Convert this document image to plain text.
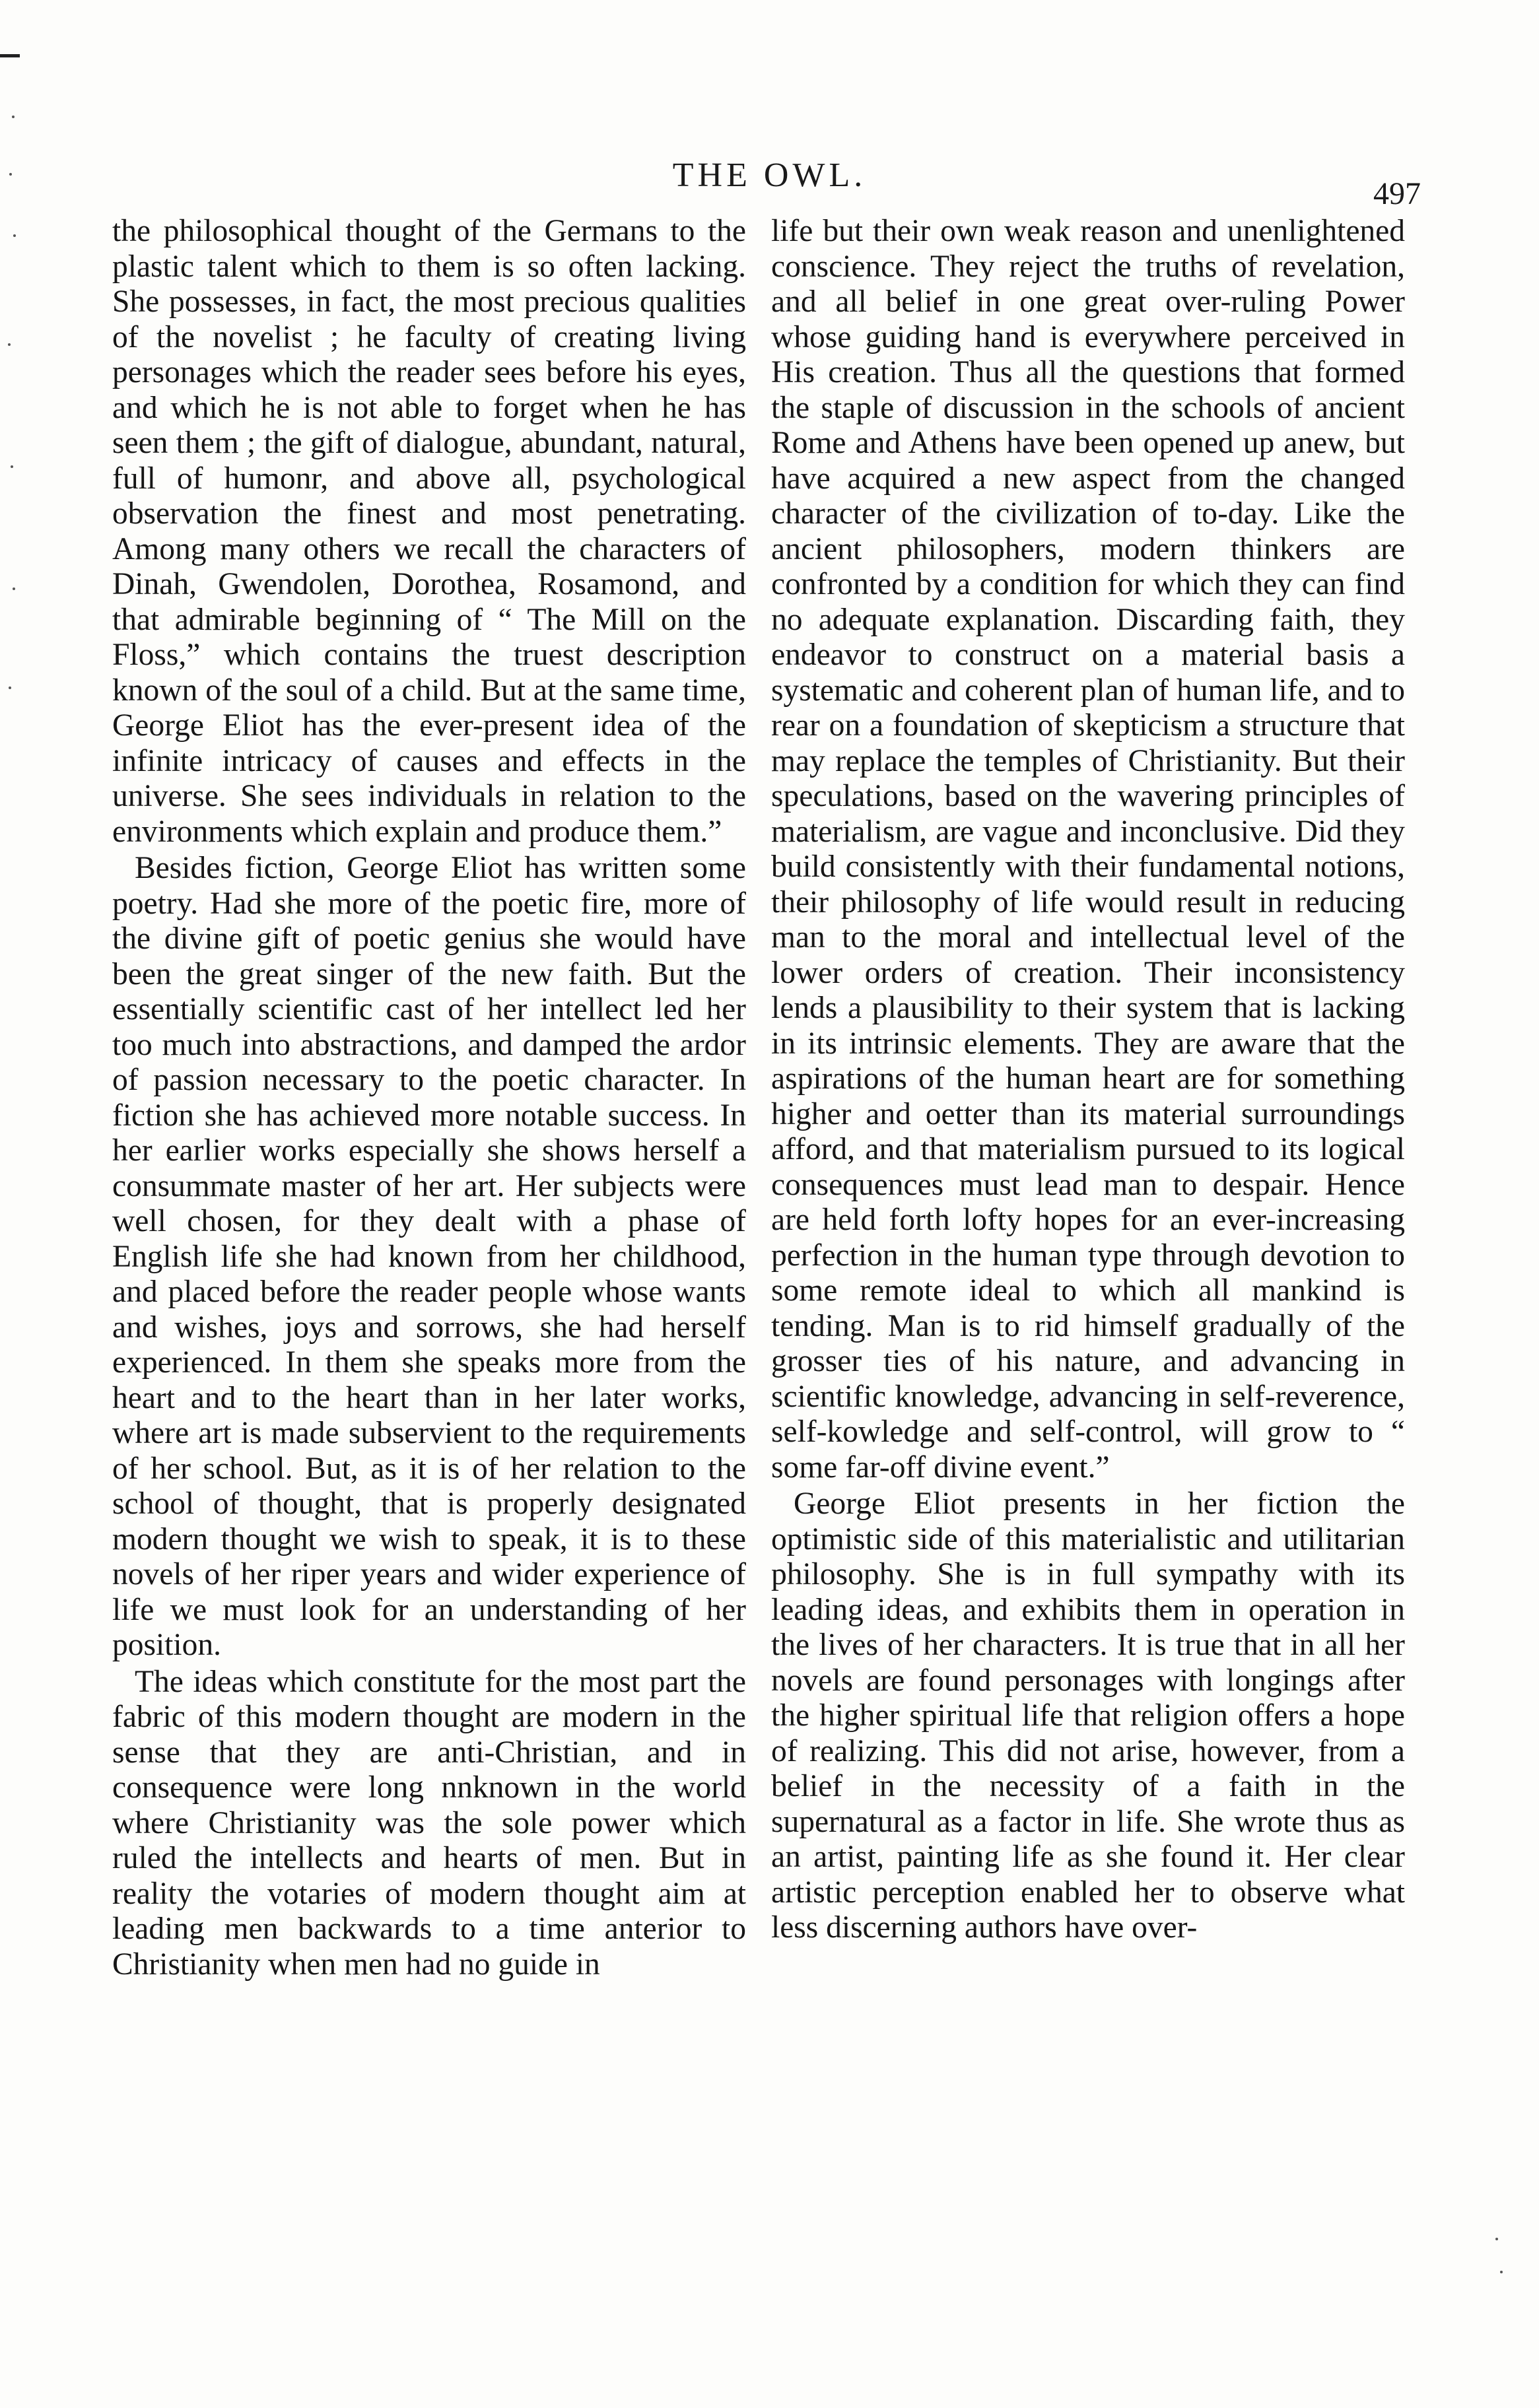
THE OWL.	497

the philosophical thought of the Germans to the plastic talent which to them is so often lacking. She possesses, in fact, the most precious qualities of the novelist ; he faculty of creating living personages which the reader sees before his eyes, and which he is not able to forget when he has seen them ; the gift of dialogue, abundant, natural, full of humonr, and above all, psychological observation the finest and most penetrating. Among many others we recall the characters of Dinah, Gwendolen, Dorothea, Rosamond, and that admirable beginning of “ The Mill on the Floss,” which contains the truest description known of the soul of a child. But at the same time, George Eliot has the ever-present idea of the infinite intricacy of causes and effects in the universe. She sees individuals in relation to the environments which explain and produce them.”

Besides fiction, George Eliot has written some poetry. Had she more of the poetic fire, more of the divine gift of poetic genius she would have been the great singer of the new faith. But the essentially scientific cast of her intellect led her too much into abstractions, and damped the ardor of passion necessary to the poetic character. In fiction she has achieved more notable success. In her earlier works especially she shows herself a consummate master of her art. Her subjects were well chosen, for they dealt with a phase of English life she had known from her childhood, and placed before the reader people whose wants and wishes, joys and sorrows, she had herself experienced. In them she speaks more from the heart and to the heart than in her later works, where art is made subservient to the requirements of her school. But, as it is of her relation to the school of thought, that is properly designated modern thought we wish to speak, it is to these novels of her riper years and wider experience of life we must look for an understanding of her position.

The ideas which constitute for the most part the fabric of this modern thought are modern in the sense that they are anti-Christian, and in consequence were long nnknown in the world where Christianity was the sole power which ruled the intellects and hearts of men. But in reality the votaries of modern thought aim at leading men backwards to a time anterior to Christianity when men had no guide in

life but their own weak reason and unenlightened conscience. They reject the truths of revelation, and all belief in one great over-ruling Power whose guiding hand is everywhere perceived in His creation. Thus all the questions that formed the staple of discussion in the schools of ancient Rome and Athens have been opened up anew, but have acquired a new aspect from the changed character of the civilization of to-day. Like the ancient philosophers, modern thinkers are confronted by a condition for which they can find no adequate explanation. Discarding faith, they endeavor to construct on a material basis a systematic and coherent plan of human life, and to rear on a foundation of skepticism a structure that may replace the temples of Christianity. But their speculations, based on the wavering principles of materialism, are vague and inconclusive. Did they build consistently with their fundamental notions, their philosophy of life would result in reducing man to the moral and intellectual level of the lower orders of creation. Their inconsistency lends a plausibility to their system that is lacking in its intrinsic elements. They are aware that the aspirations of the human heart are for something higher and oetter than its material surroundings afford, and that materialism pursued to its logical consequences must lead man to despair. Hence are held forth lofty hopes for an ever-increasing perfection in the human type through devotion to some remote ideal to which all mankind is tending. Man is to rid himself gradually of the grosser ties of his nature, and advancing in scientific knowledge, advancing in self-reverence, self-kowledge and self-control, will grow to “ some far-off divine event.”

George Eliot presents in her fiction the optimistic side of this materialistic and utilitarian philosophy. She is in full sympathy with its leading ideas, and exhibits them in operation in the lives of her characters. It is true that in all her novels are found personages with longings after the higher spiritual life that religion offers a hope of realizing. This did not arise, however, from a belief in the necessity of a faith in the supernatural as a factor in life. She wrote thus as an artist, painting life as she found it. Her clear artistic perception enabled her to observe what less discerning authors have over-
